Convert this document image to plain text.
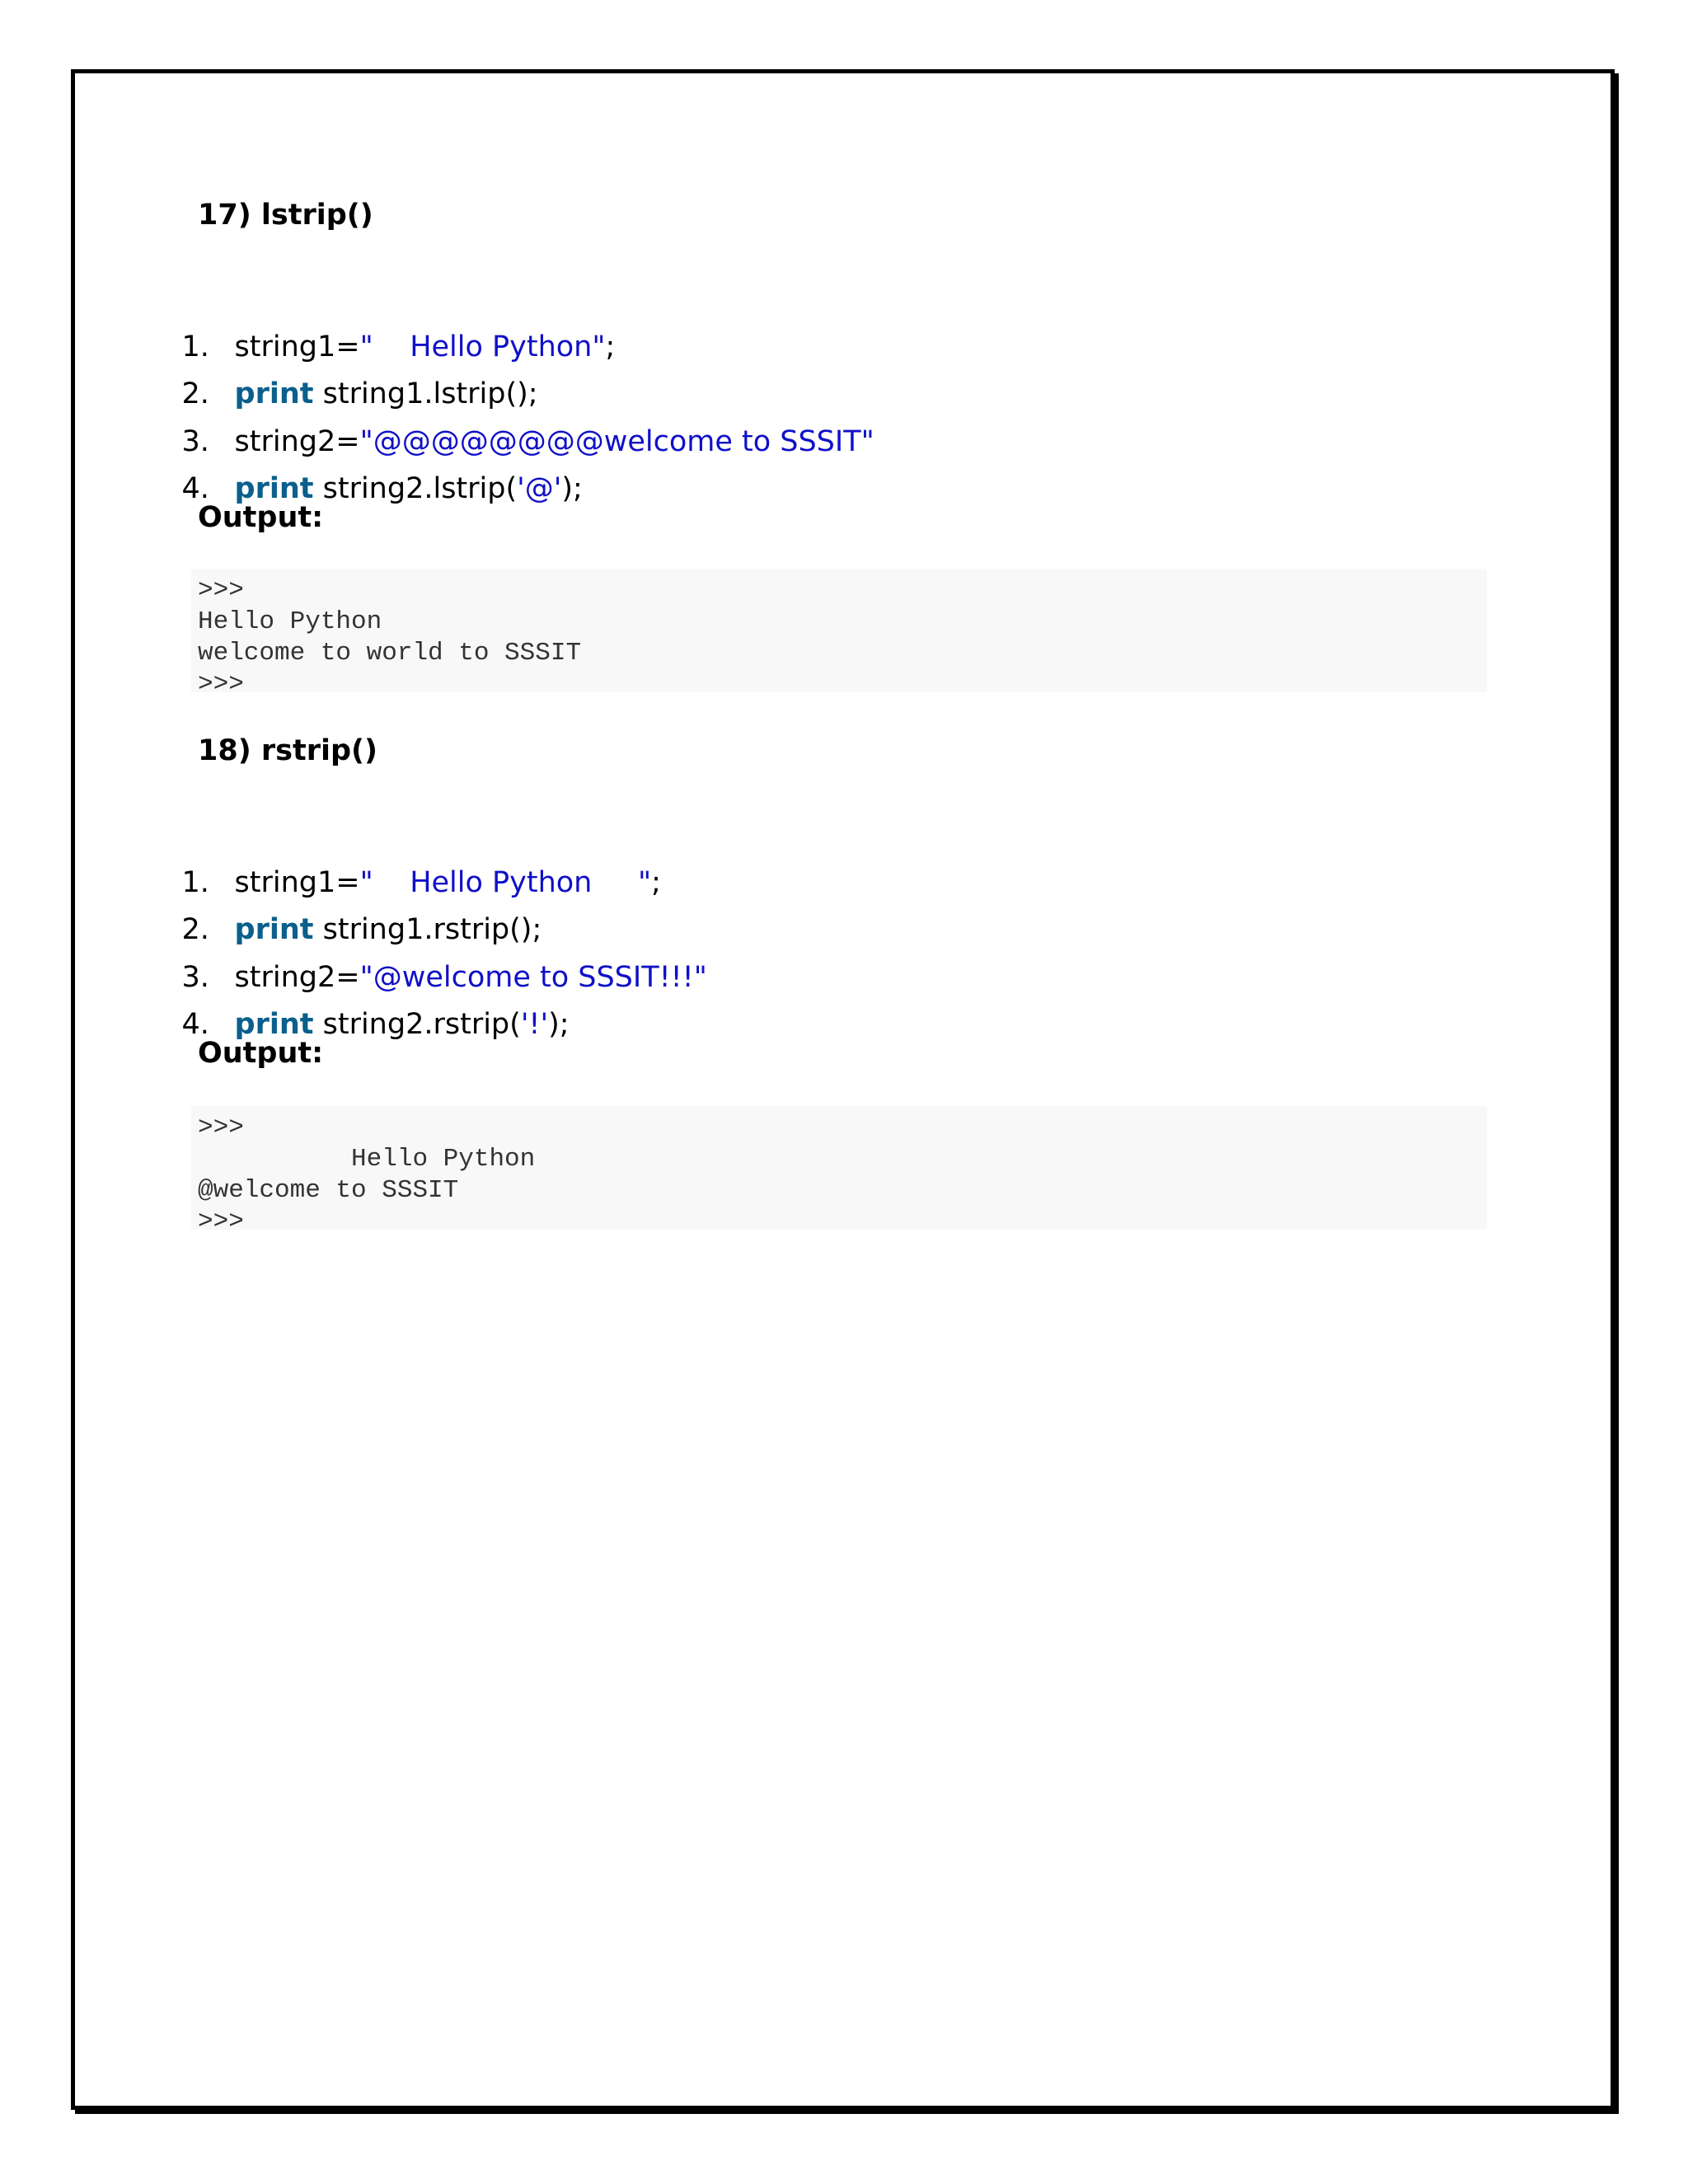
17) lstrip()

1. string1="    Hello Python";

2. print string1.lstrip();

3. string2="@@@@@@@@welcome to SSSIT"

4. print string2.lstrip('@');

Output:

>>>

Hello Python

welcome to world to SSSIT

>>>

18) rstrip()

1. string1="    Hello Python     ";

2. print string1.rstrip();

3. string2="@welcome to SSSIT!!!"

4. print string2.rstrip('!');

Output:

>>>

Hello Python

@welcome to SSSIT

>>>
